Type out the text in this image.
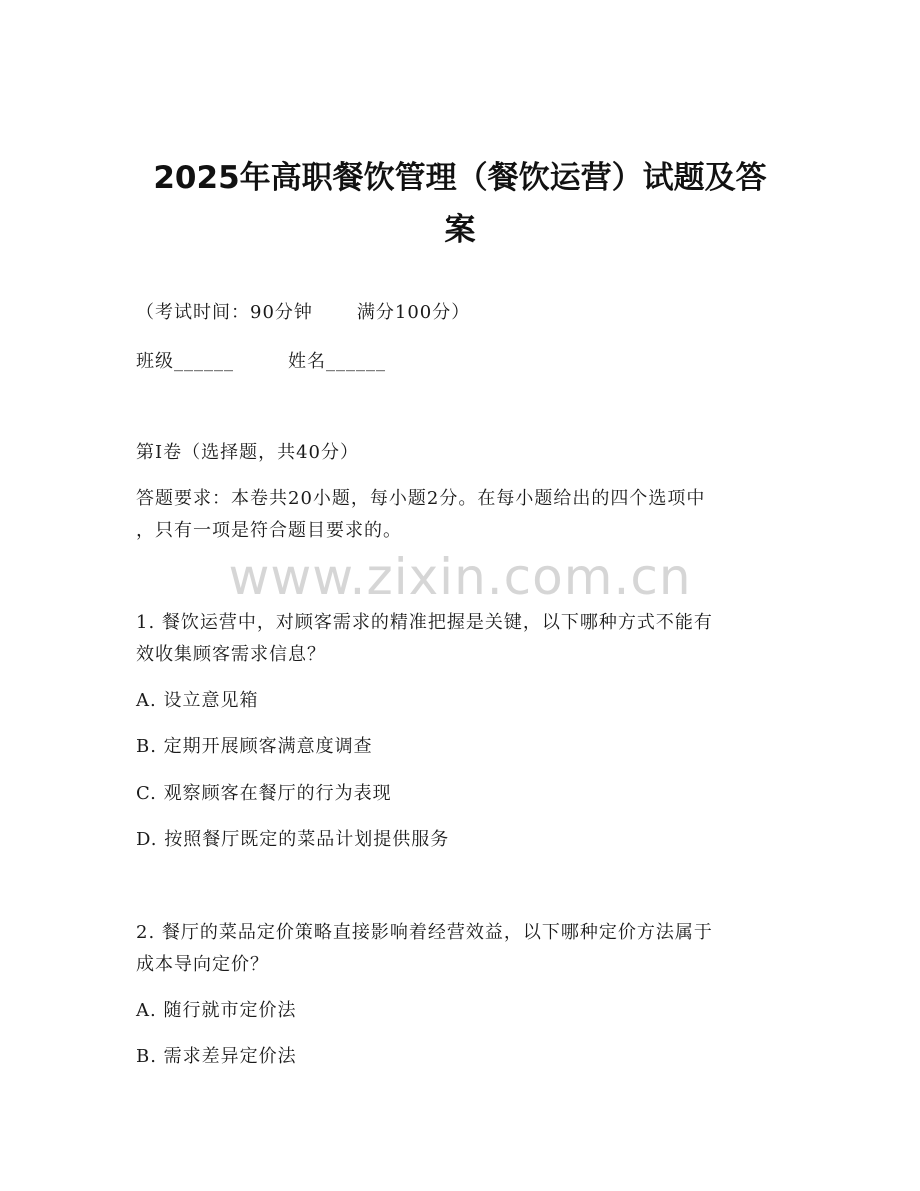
2025年高职餐饮管理（餐饮运营）试题及答
案
（考试时间：90分钟 满分100分）
班级______	姓名______
第Ⅰ卷（选择题，共40分）
答题要求：本卷共20小题，每小题2分。在每小题给出的四个选项中
，只有一项是符合题目要求的。
www.zixin.com.cn
1. 餐饮运营中，对顾客需求的精准把握是关键，以下哪种方式不能有
效收集顾客需求信息？
A. 设立意见箱
B. 定期开展顾客满意度调查
C. 观察顾客在餐厅的行为表现
D. 按照餐厅既定的菜品计划提供服务
2. 餐厅的菜品定价策略直接影响着经营效益，以下哪种定价方法属于
成本导向定价？
A. 随行就市定价法
B. 需求差异定价法
